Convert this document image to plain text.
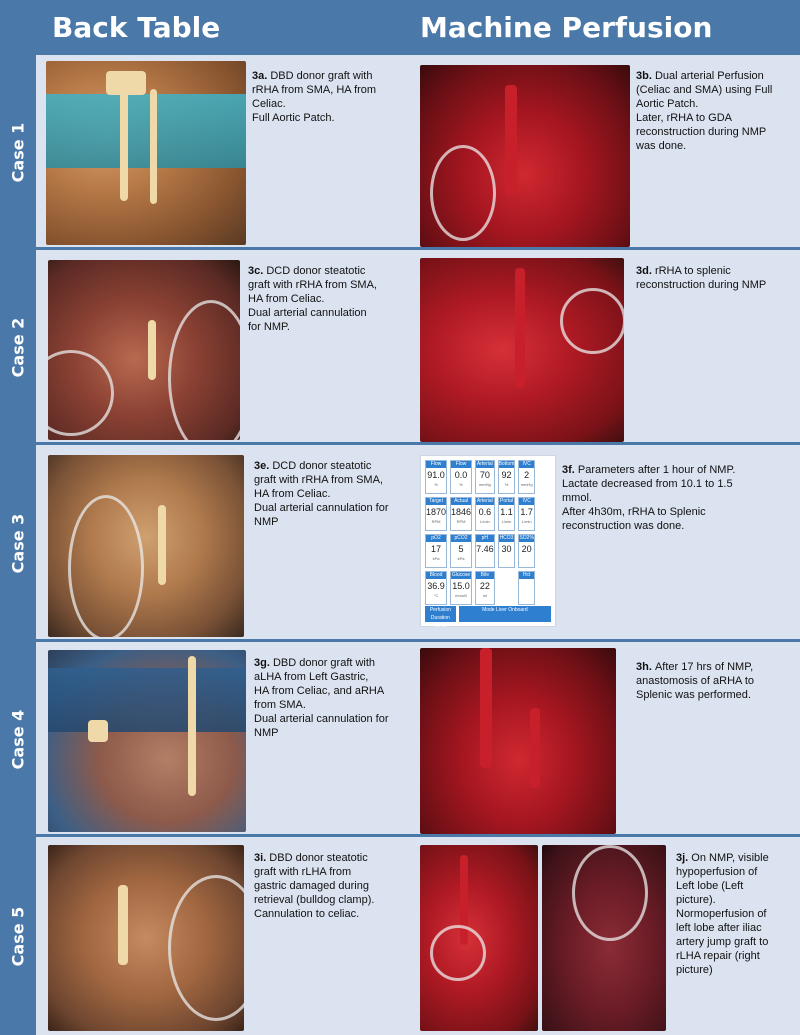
Back Table	Machine Perfusion
Case 1
3a. DBD donor graft with
rRHA from SMA, HA from
Celiac.
Full Aortic Patch.
3b. Dual arterial Perfusion
(Celiac and SMA) using Full
Aortic Patch.
Later, rRHA to GDA
reconstruction during NMP
was done.
Case 2
3c. DCD donor steatotic
graft with rRHA from SMA,
HA from Celiac.
Dual arterial cannulation
for NMP.
3d. rRHA to splenic
reconstruction during NMP
Case 3
3e. DCD donor steatotic
graft with rRHA from SMA,
HA from Celiac.
Dual arterial cannulation for
NMP
Flow
91.0
%
Flow
0.0
%
Arterial
70
mmHg
Bottom
92
%
IVC
2
mmHg
Target
1870
RPM
Actual
1846
RPM
Arterial
0.6
L/min
Portal
1.1
L/min
IVC
1.7
L/min
pO2
17
kPa
pCO2
5
kPa
pH
7.46
HCO3
30
SO2%
20
Blood
36.9
°C
Glucose
15.0
mmol/l
Bile
22
ml
Hct
Perfusion Duration 01:02
Mode Liver Onboard
3f. Parameters after 1 hour of NMP.
Lactate decreased from 10.1 to 1.5
mmol.
After 4h30m, rRHA to Splenic
reconstruction was done.
Case 4
3g. DBD donor graft with
aLHA from Left Gastric,
HA from Celiac, and aRHA
from SMA.
Dual arterial cannulation for
NMP
3h. After 17 hrs of NMP,
anastomosis of aRHA to
Splenic was performed.
Case 5
3i. DBD donor steatotic
graft with rLHA from
gastric damaged during
retrieval (bulldog clamp).
Cannulation to celiac.
3j. On NMP, visible
hypoperfusion of
Left lobe (Left
picture).
Normoperfusion of
left lobe after iliac
artery jump graft to
rLHA repair (right
picture)
